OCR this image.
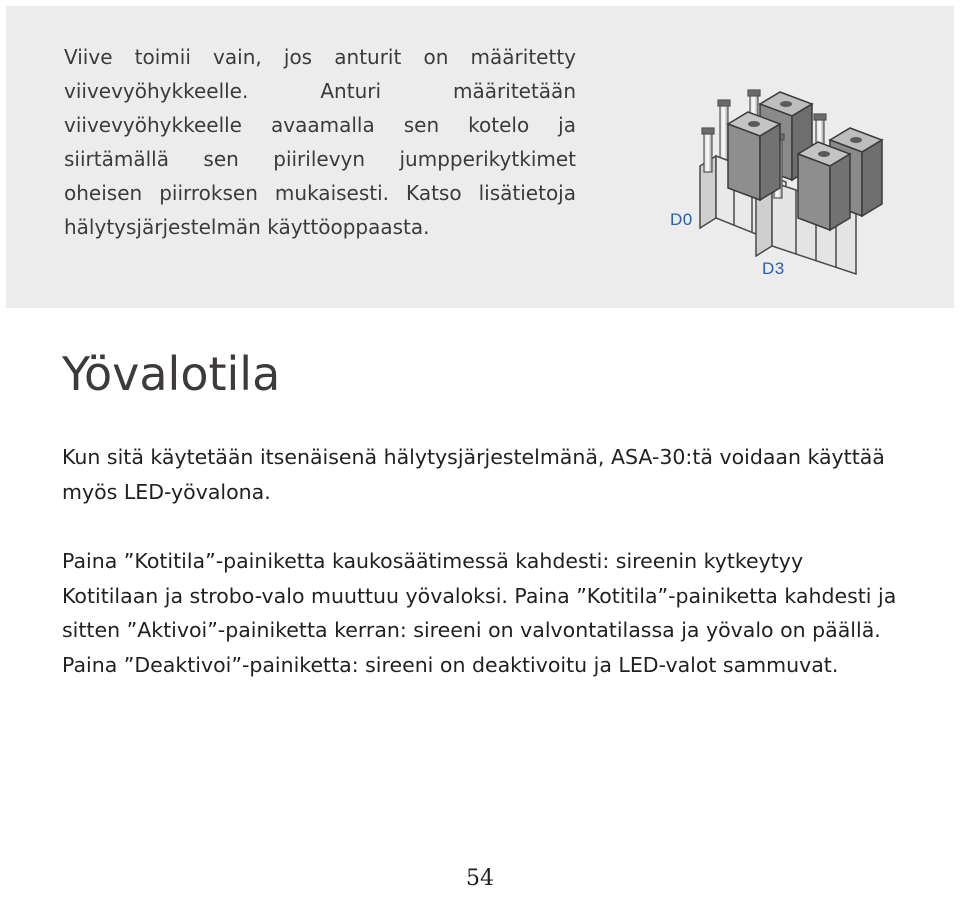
Viive toimii vain, jos anturit on määritetty viivevyöhykkeelle. Anturi määritetään viivevyöhykkeelle avaamalla sen kotelo ja siirtämällä sen piirilevyn jumpperikytkimet oheisen piirroksen mukaisesti. Katso lisätietoja hälytysjärjestelmän käyttöoppaasta.	D0
D3
Yövalotila

Kun sitä käytetään itsenäisenä hälytysjärjestelmänä, ASA-30:tä voidaan käyttää myös LED-yövalona.

Paina ”Kotitila”-painiketta kaukosäätimessä kahdesti: sireenin kytkeytyy Kotitilaan ja strobo-valo muuttuu yövaloksi. Paina ”Kotitila”-painiketta kahdesti ja sitten ”Aktivoi”-painiketta kerran: sireeni on valvontatilassa ja yövalo on päällä. Paina ”Deaktivoi”-painiketta: sireeni on deaktivoitu ja LED-valot sammuvat.

54
